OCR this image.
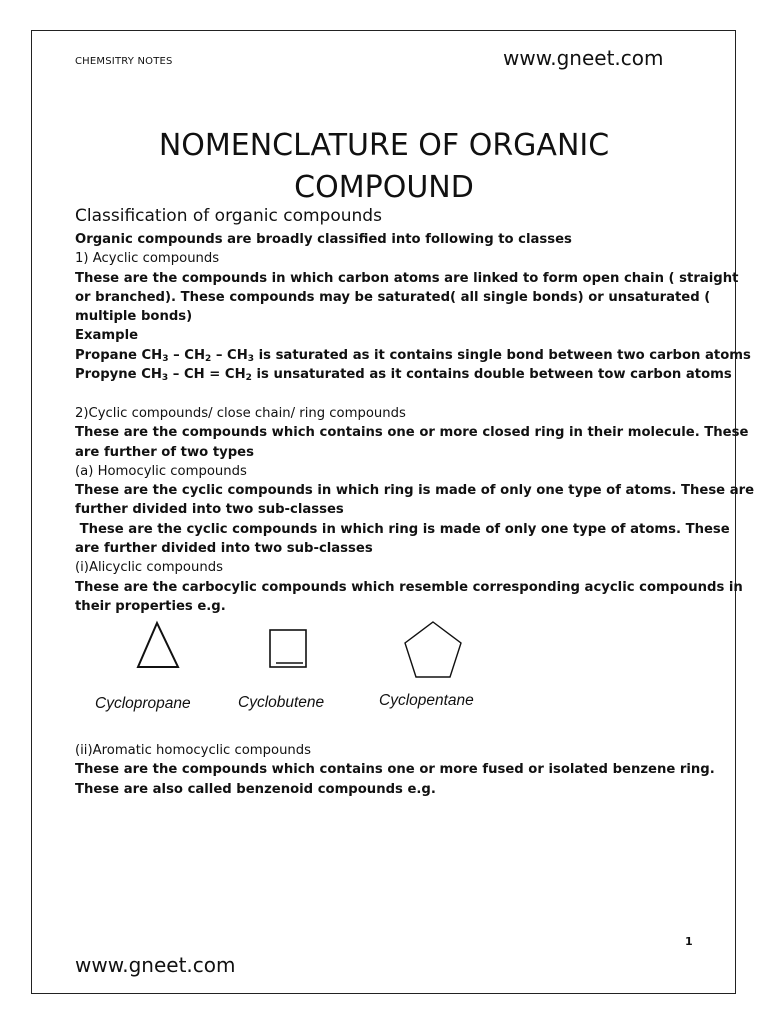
CHEMSITRY NOTES	www.gneet.com
NOMENCLATURE OF ORGANIC
COMPOUND
Classification of organic compounds
Organic compounds are broadly classified into following to classes
1) Acyclic compounds
These are the compounds in which carbon atoms are linked to form open chain ( straight
or branched). These compounds may be saturated( all single bonds) or unsaturated (
multiple bonds)
Example
Propane $CH_3 - CH_2 - CH_3$ is saturated as it contains single bond between two carbon atoms
Propyne $CH_3$ – CH = $CH_2$ is unsaturated as it contains double between tow carbon atoms
2)Cyclic compounds/ close chain/ ring compounds
These are the compounds which contains one or more closed ring in their molecule. These
are further of two types
(a) Homocylic compounds
These are the cyclic compounds in which ring is made of only one type of atoms. These are
further divided into two sub-classes
These are the cyclic compounds in which ring is made of only one type of atoms. These
are further divided into two sub-classes
(i)Alicyclic compounds
These are the carbocylic compounds which resemble corresponding acyclic compounds in
their properties e.g.
Cyclopropane	Cyclobutene	Cyclopentane
(ii)Aromatic homocyclic compounds
These are the compounds which contains one or more fused or isolated benzene ring.
These are also called benzenoid compounds e.g.
1
www.gneet.com
